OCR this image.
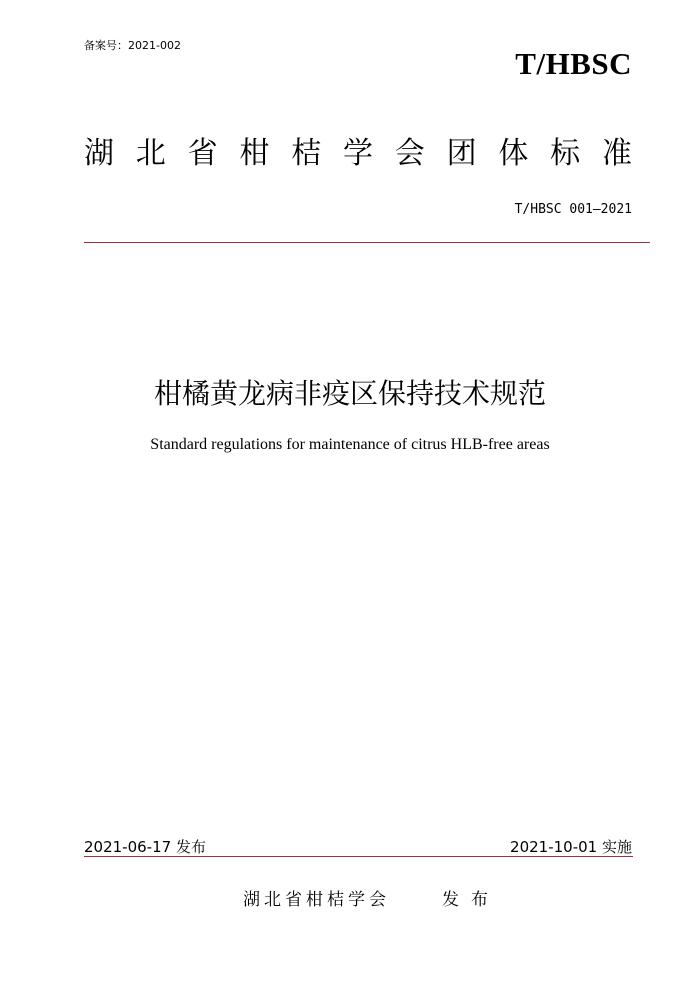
备案号：2021-002
T/HBSC
湖 北 省 柑 桔 学 会 团 体 标 准
T/HBSC 001—2021
柑橘黄龙病非疫区保持技术规范
Standard regulations for maintenance of citrus HLB-free areas
2021-06-17 发布	2021-10-01 实施
湖北省柑桔学会	发布
